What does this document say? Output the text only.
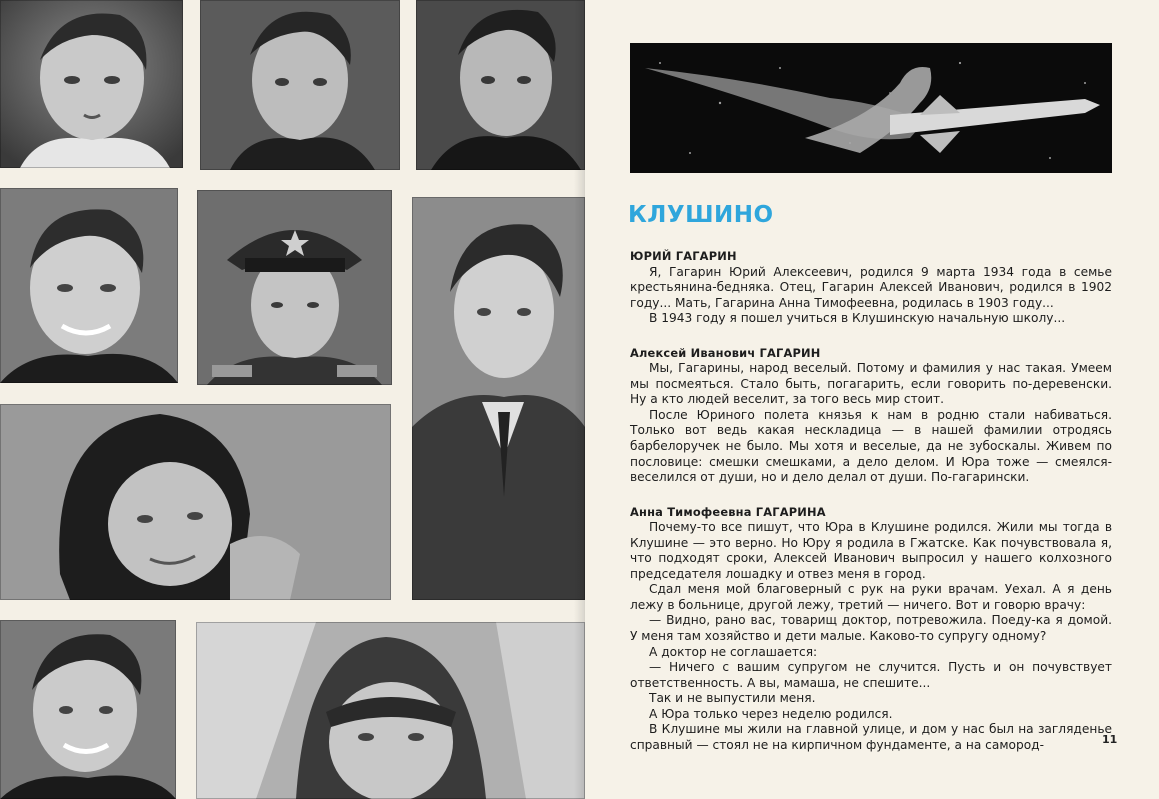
КЛУШИНО

ЮРИЙ ГАГАРИН

Я, Гагарин Юрий Алексеевич, родился 9 марта 1934 года в семье крестьянина-бедняка. Отец, Гагарин Алексей Иванович, родился в 1902 году... Мать, Гагарина Анна Тимофеевна, родилась в 1903 году...

В 1943 году я пошел учиться в Клушинскую начальную школу...

Алексей Иванович ГАГАРИН

Мы, Гагарины, народ веселый. Потому и фамилия у нас такая. Умеем мы посмеяться. Стало быть, погагарить, если говорить по-деревенски. Ну а кто людей веселит, за того весь мир стоит.

После Юриного полета князья к нам в родню стали набиваться. Только вот ведь какая нескладица — в нашей фамилии отродясь барбелоручек не было. Мы хотя и веселые, да не зубоскалы. Живем по пословице: смешки смешками, а дело делом. И Юра тоже — смеялся-веселился от души, но и дело делал от души. По-гагарински.

Анна Тимофеевна ГАГАРИНА

Почему-то все пишут, что Юра в Клушине родился. Жили мы тогда в Клушине — это верно. Но Юру я родила в Гжатске. Как почувствовала я, что подходят сроки, Алексей Иванович выпросил у нашего колхозного председателя лошадку и отвез меня в город.

Сдал меня мой благоверный с рук на руки врачам. Уехал. А я день лежу в больнице, другой лежу, третий — ничего. Вот и говорю врачу:

— Видно, рано вас, товарищ доктор, потревожила. Поеду-ка я домой. У меня там хозяйство и дети малые. Каково-то супругу одному?

А доктор не соглашается:

— Ничего с вашим супругом не случится. Пусть и он почувствует ответственность. А вы, мамаша, не спешите...

Так и не выпустили меня.

А Юра только через неделю родился.

В Клушине мы жили на главной улице, и дом у нас был на загляденье справный — стоял не на кирпичном фундаменте, а на самород-	11
